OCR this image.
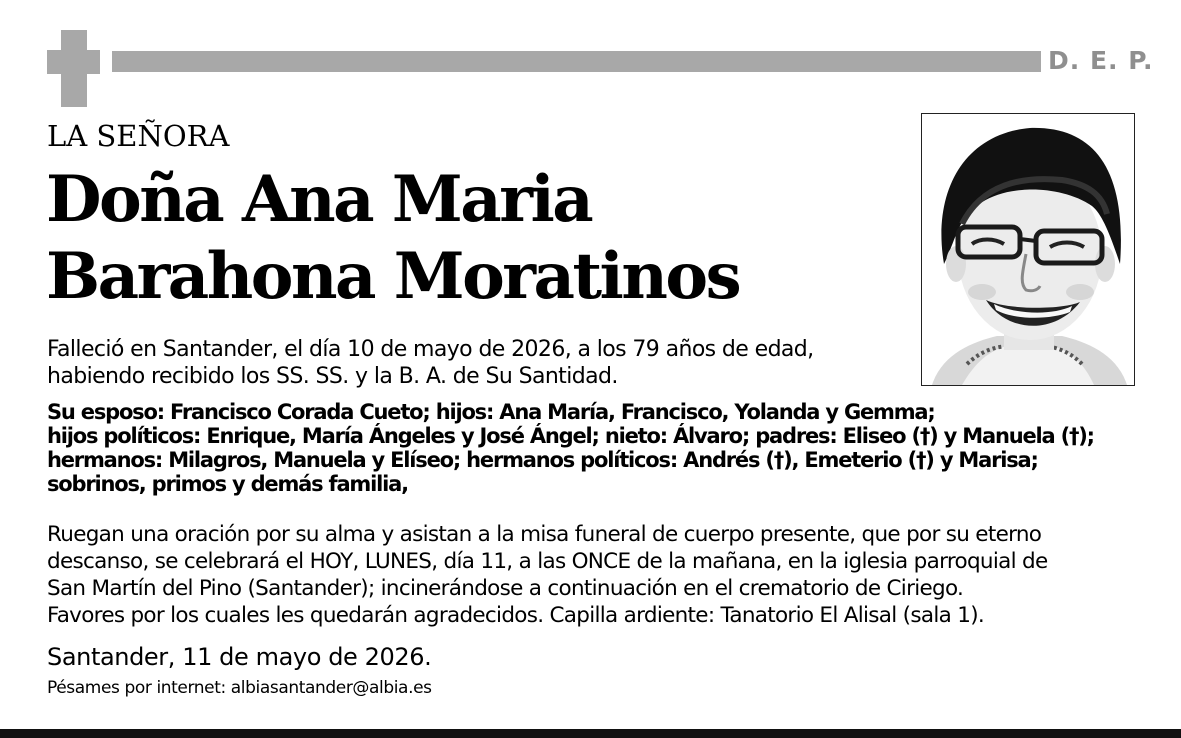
D. E. P.
LA SEÑORA
Doña Ana Maria
Barahona Moratinos
Falleció en Santander, el día 10 de mayo de 2026, a los 79 años de edad,
habiendo recibido los SS. SS. y la B. A. de Su Santidad.
Su esposo: Francisco Corada Cueto; hijos: Ana María, Francisco, Yolanda y Gemma;
hijos políticos: Enrique, María Ángeles y José Ángel; nieto: Álvaro; padres: Eliseo (†) y Manuela (†);
hermanos: Milagros, Manuela y Elíseo; hermanos políticos: Andrés (†), Emeterio (†) y Marisa;
sobrinos, primos y demás familia,
Ruegan una oración por su alma y asistan a la misa funeral de cuerpo presente, que por su eterno
descanso, se celebrará el HOY, LUNES, día 11, a las ONCE de la mañana, en la iglesia parroquial de
San Martín del Pino (Santander); incinerándose a continuación en el crematorio de Ciriego.
Favores por los cuales les quedarán agradecidos. Capilla ardiente: Tanatorio El Alisal (sala 1).
Santander, 11 de mayo de 2026.
Pésames por internet: albiasantander@albia.es
